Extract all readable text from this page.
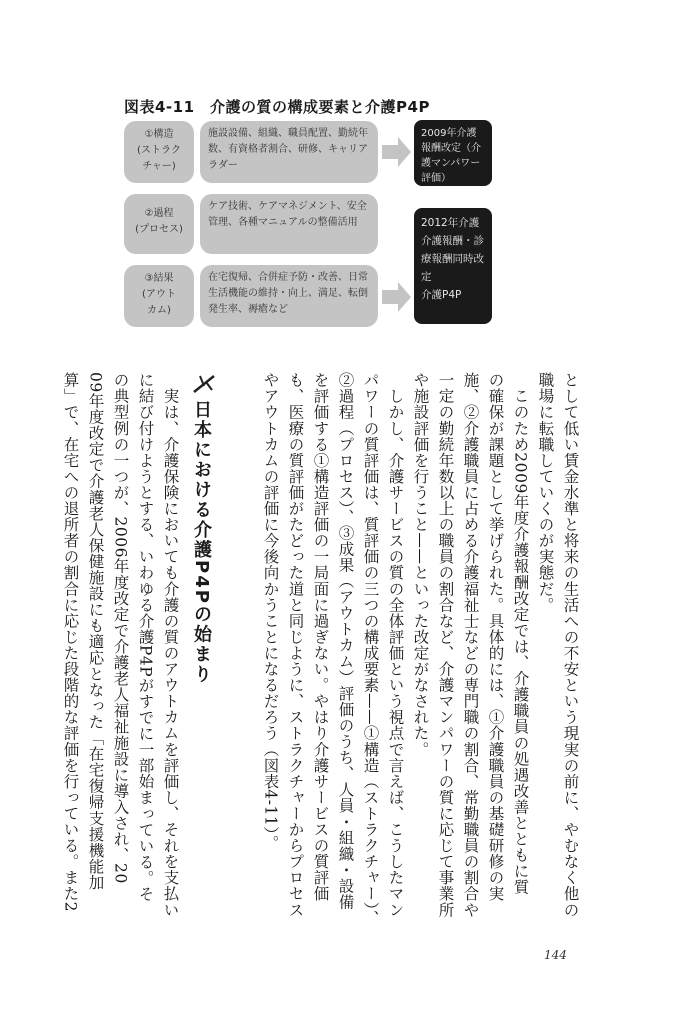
図表4-11　介護の質の構成要素と介護P4P
①構造
(ストラク
チャー)
施設設備、組織、職員配置、勤続年数、有資格者割合、研修、キャリアラダー
②過程
(プロセス)
ケア技術、ケアマネジメント、安全管理、各種マニュアルの整備活用
③結果
(アウト
カム)
在宅復帰、合併症予防・改善、日常生活機能の維持・向上、満足、転倒発生率、褥瘡など
2009年介護報酬改定（介護マンパワー評価）
2012年介護介護報酬・診療報酬同時改定
介護P4P
として低い賃金水準と将来の生活への不安という現実の前に、やむなく他の
職場に転職していくのが実態だ。
　このため2009年度介護報酬改定では、介護職員の処遇改善とともに質
の確保が課題として挙げられた。具体的には、①介護職員の基礎研修の実
施、②介護職員に占める介護福祉士などの専門職の割合、常勤職員の割合や
一定の勤続年数以上の職員の割合など、介護マンパワーの質に応じて事業所
や施設評価を行うこと——といった改定がなされた。
　しかし、介護サービスの質の全体評価という視点で言えば、こうしたマン
パワーの質評価は、質評価の三つの構成要素——①構造（ストラクチャー）、
②過程（プロセス）、③成果（アウトカム）評価のうち、人員・組織・設備
を評価する①構造評価の一局面に過ぎない。やはり介護サービスの質評価
も、医療の質評価がたどった道と同じように、ストラクチャーからプロセス
やアウトカムの評価に今後向かうことになるだろう（図表4-11）。
日本における介護P4Pの始まり
　実は、介護保険においても介護の質のアウトカムを評価し、それを支払い
に結び付けようとする、いわゆる介護P4Pがすでに一部始まっている。そ
の典型例の一つが、2006年度改定で介護老人福祉施設に導入され、20
09年度改定で介護老人保健施設にも適応となった「在宅復帰支援機能加
算」で、在宅への退所者の割合に応じた段階的な評価を行っている。また2
144
